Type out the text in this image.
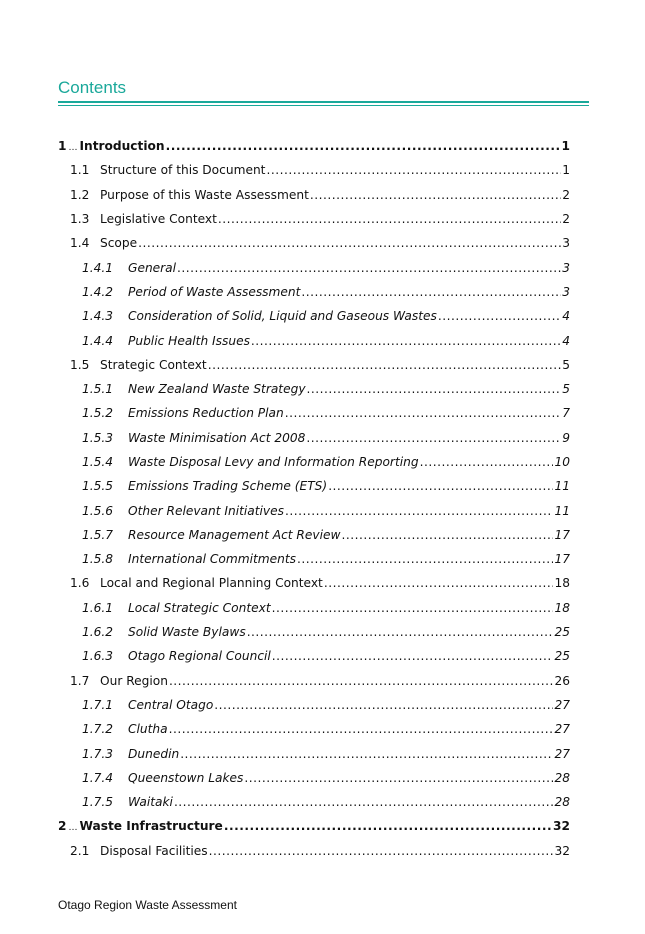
Contents
1 … Introduction .....	1
1.1 Structure of this Document .....	1
1.2 Purpose of this Waste Assessment .....	2
1.3 Legislative Context .....	2
1.4 Scope .....	3
1.4.1	General .....	3
1.4.2	Period of Waste Assessment .....	3
1.4.3	Consideration of Solid, Liquid and Gaseous Wastes .....	4
1.4.4	Public Health Issues .....	4
1.5 Strategic Context .....	5
1.5.1	New Zealand Waste Strategy .....	5
1.5.2	Emissions Reduction Plan .....	7
1.5.3	Waste Minimisation Act 2008 .....	9
1.5.4	Waste Disposal Levy and Information Reporting .....	10
1.5.5	Emissions Trading Scheme (ETS) .....	11
1.5.6	Other Relevant Initiatives .....	11
1.5.7	Resource Management Act Review .....	17
1.5.8	International Commitments .....	17
1.6 Local and Regional Planning Context .....	18
1.6.1	Local Strategic Context .....	18
1.6.2	Solid Waste Bylaws .....	25
1.6.3	Otago Regional Council .....	25
1.7 Our Region .....	26
1.7.1	Central Otago .....	27
1.7.2	Clutha .....	27
1.7.3	Dunedin .....	27
1.7.4	Queenstown Lakes .....	28
1.7.5	Waitaki .....	28
2 … Waste Infrastructure .....	32
2.1 Disposal Facilities .....	32
Otago Region Waste Assessment
